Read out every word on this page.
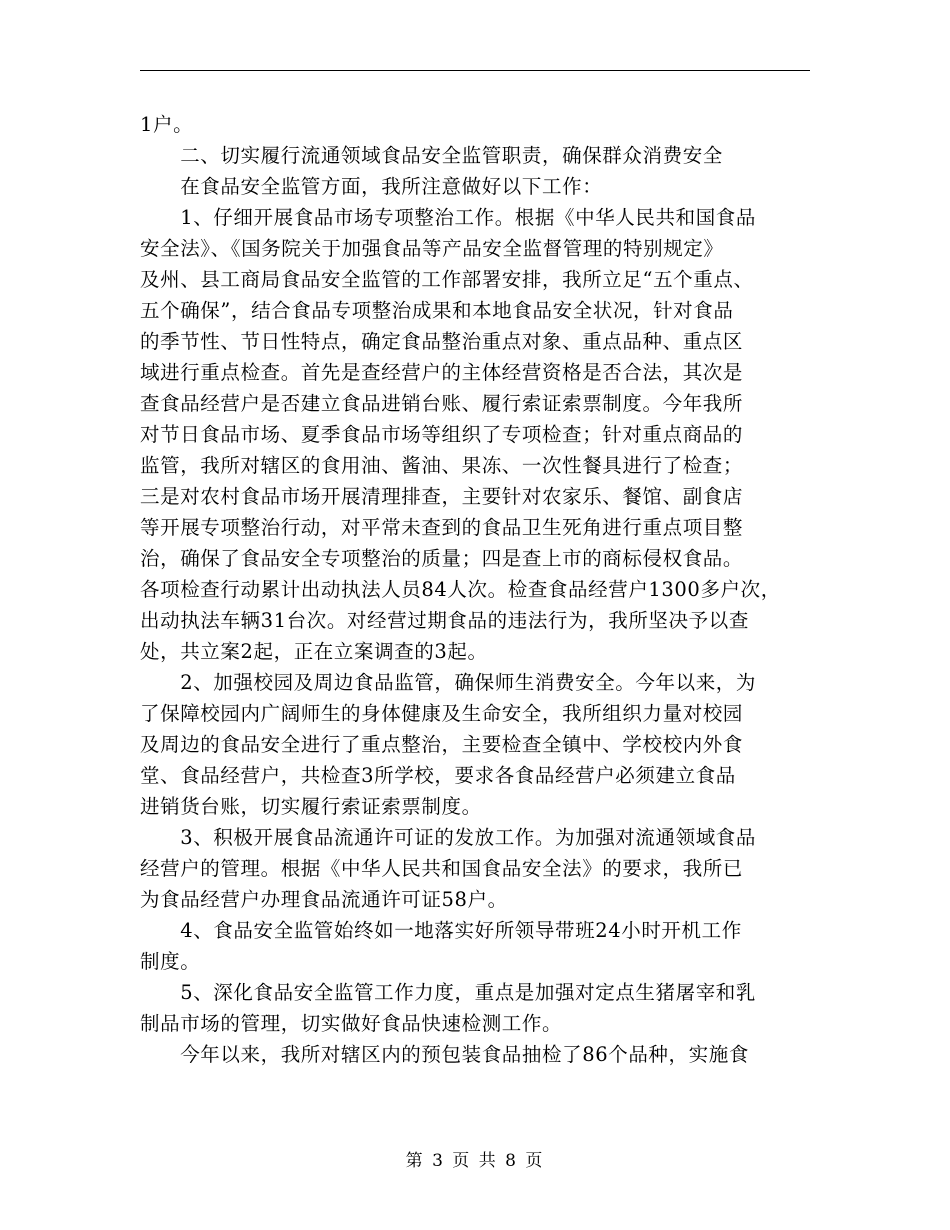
1户。
　　二、切实履行流通领域食品安全监管职责，确保群众消费安全
　　在食品安全监管方面，我所注意做好以下工作：
　　1、仔细开展食品市场专项整治工作。根据《中华人民共和国食品
安全法》、《国务院关于加强食品等产品安全监督管理的特别规定》
及州、县工商局食品安全监管的工作部署安排，我所立足“五个重点、
五个确保”，结合食品专项整治成果和本地食品安全状况，针对食品
的季节性、节日性特点，确定食品整治重点对象、重点品种、重点区
域进行重点检查。首先是查经营户的主体经营资格是否合法，其次是
查食品经营户是否建立食品进销台账、履行索证索票制度。今年我所
对节日食品市场、夏季食品市场等组织了专项检查；针对重点商品的
监管，我所对辖区的食用油、酱油、果冻、一次性餐具进行了检查；
三是对农村食品市场开展清理排查，主要针对农家乐、餐馆、副食店
等开展专项整治行动，对平常未查到的食品卫生死角进行重点项目整
治，确保了食品安全专项整治的质量；四是查上市的商标侵权食品。
各项检查行动累计出动执法人员84人次。检查食品经营户1300多户次，
出动执法车辆31台次。对经营过期食品的违法行为，我所坚决予以查
处，共立案2起，正在立案调查的3起。
　　2、加强校园及周边食品监管，确保师生消费安全。今年以来，为
了保障校园内广阔师生的身体健康及生命安全，我所组织力量对校园
及周边的食品安全进行了重点整治，主要检查全镇中、学校校内外食
堂、食品经营户，共检查3所学校，要求各食品经营户必须建立食品
进销货台账，切实履行索证索票制度。
　　3、积极开展食品流通许可证的发放工作。为加强对流通领域食品
经营户的管理。根据《中华人民共和国食品安全法》的要求，我所已
为食品经营户办理食品流通许可证58户。
　　4、食品安全监管始终如一地落实好所领导带班24小时开机工作
制度。
　　5、深化食品安全监管工作力度，重点是加强对定点生猪屠宰和乳
制品市场的管理，切实做好食品快速检测工作。
　　今年以来，我所对辖区内的预包装食品抽检了86个品种，实施食
第 3 页 共 8 页
